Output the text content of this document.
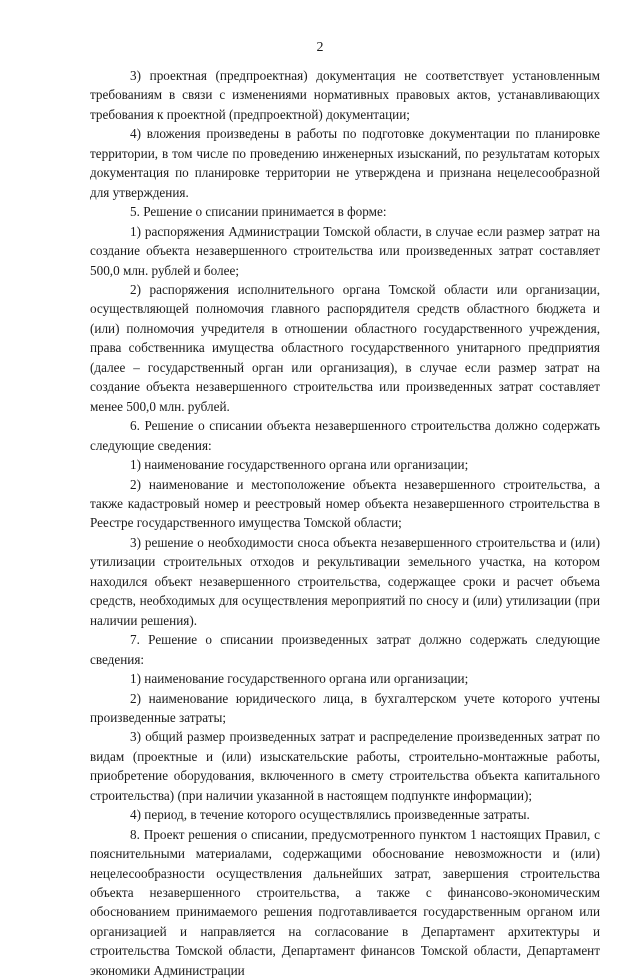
2

3) проектная (предпроектная) документация не соответствует установленным требованиям в связи с изменениями нормативных правовых актов, устанавливающих требования к проектной (предпроектной) документации;

4) вложения произведены в работы по подготовке документации по планировке территории, в том числе по проведению инженерных изысканий, по результатам которых документация по планировке территории не утверждена и признана нецелесообразной для утверждения.

5. Решение о списании принимается в форме:

1) распоряжения Администрации Томской области, в случае если размер затрат на создание объекта незавершенного строительства или произведенных затрат составляет 500,0 млн. рублей и более;

2) распоряжения исполнительного органа Томской области или организации, осуществляющей полномочия главного распорядителя средств областного бюджета и (или) полномочия учредителя в отношении областного государственного учреждения, права собственника имущества областного государственного унитарного предприятия (далее – государственный орган или организация), в случае если размер затрат на создание объекта незавершенного строительства или произведенных затрат составляет менее 500,0 млн. рублей.

6. Решение о списании объекта незавершенного строительства должно содержать следующие сведения:

1) наименование государственного органа или организации;

2) наименование и местоположение объекта незавершенного строительства, а также кадастровый номер и реестровый номер объекта незавершенного строительства в Реестре государственного имущества Томской области;

3) решение о необходимости сноса объекта незавершенного строительства и (или) утилизации строительных отходов и рекультивации земельного участка, на котором находился объект незавершенного строительства, содержащее сроки и расчет объема средств, необходимых для осуществления мероприятий по сносу и (или) утилизации (при наличии решения).

7. Решение о списании произведенных затрат должно содержать следующие сведения:

1) наименование государственного органа или организации;

2) наименование юридического лица, в бухгалтерском учете которого учтены произведенные затраты;

3) общий размер произведенных затрат и распределение произведенных затрат по видам (проектные и (или) изыскательские работы, строительно-монтажные работы, приобретение оборудования, включенного в смету строительства объекта капитального строительства) (при наличии указанной в настоящем подпункте информации);

4) период, в течение которого осуществлялись произведенные затраты.

8. Проект решения о списании, предусмотренного пунктом 1 настоящих Правил, с пояснительными материалами, содержащими обоснование невозможности и (или) нецелесообразности осуществления дальнейших затрат, завершения строительства объекта незавершенного строительства, а также с финансово-экономическим обоснованием принимаемого решения подготавливается государственным органом или организацией и направляется на согласование в Департамент архитектуры и строительства Томской области, Департамент финансов Томской области, Департамент экономики Администрации
